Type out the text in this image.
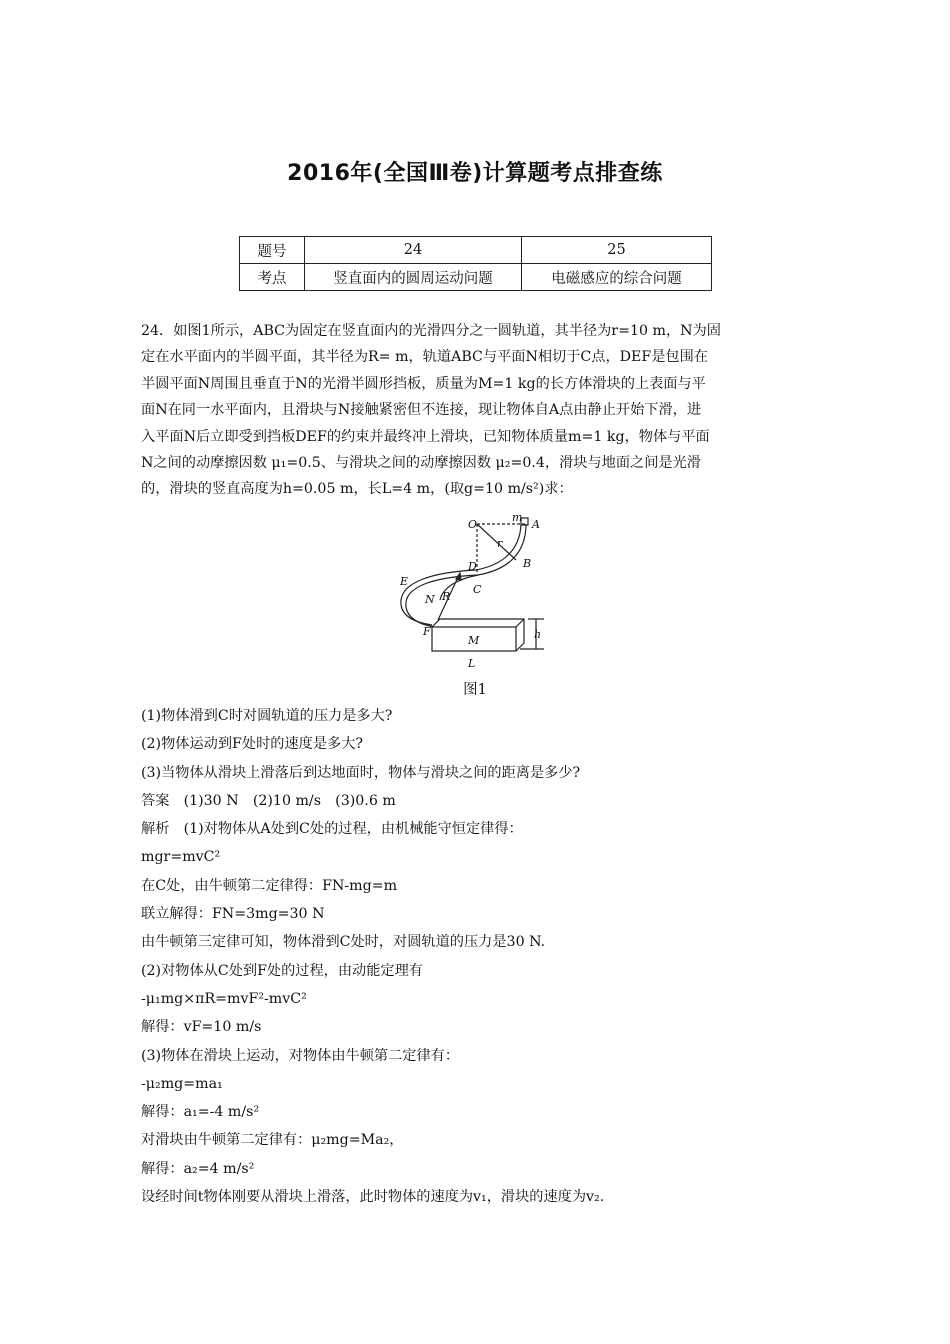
2016年(全国Ⅲ卷)计算题考点排查练
题号	24	25
考点	竖直面内的圆周运动问题	电磁感应的综合问题

24．如图1所示，ABC为固定在竖直面内的光滑四分之一圆轨道，其半径为r=10 m，N为固

定在水平面内的半圆平面，其半径为R= m，轨道ABC与平面N相切于C点，DEF是包围在

半圆平面N周围且垂直于N的光滑半圆形挡板，质量为M=1 kg的长方体滑块的上表面与平

面N在同一水平面内，且滑块与N接触紧密但不连接，现让物体自A点由静止开始下滑，进

入平面N后立即受到挡板DEF的约束并最终冲上滑块，已知物体质量m=1 kg，物体与平面

N之间的动摩擦因数 μ₁=0.5、与滑块之间的动摩擦因数 μ₂=0.4，滑块与地面之间是光滑

的，滑块的竖直高度为h=0.05 m，长L=4 m，(取g=10 m/s²)求：

O
m
A
r
B
D
C
E
N R
F
M	h
L
图1
(1)物体滑到C时对圆轨道的压力是多大?
(2)物体运动到F处时的速度是多大?
(3)当物体从滑块上滑落后到达地面时，物体与滑块之间的距离是多少?
答案　(1)30 N　(2)10 m/s　(3)0.6 m
解析　(1)对物体从A处到C处的过程，由机械能守恒定律得：
mgr=mvC²
在C处，由牛顿第二定律得：FN-mg=m
联立解得：FN=3mg=30 N
由牛顿第三定律可知，物体滑到C处时，对圆轨道的压力是30 N.
(2)对物体从C处到F处的过程，由动能定理有
-μ₁mg×πR=mvF²-mvC²
解得：vF=10 m/s
(3)物体在滑块上运动，对物体由牛顿第二定律有：
-μ₂mg=ma₁
解得：a₁=-4 m/s²
对滑块由牛顿第二定律有：μ₂mg=Ma₂，
解得：a₂=4 m/s²
设经时间t物体刚要从滑块上滑落，此时物体的速度为v₁，滑块的速度为v₂.
